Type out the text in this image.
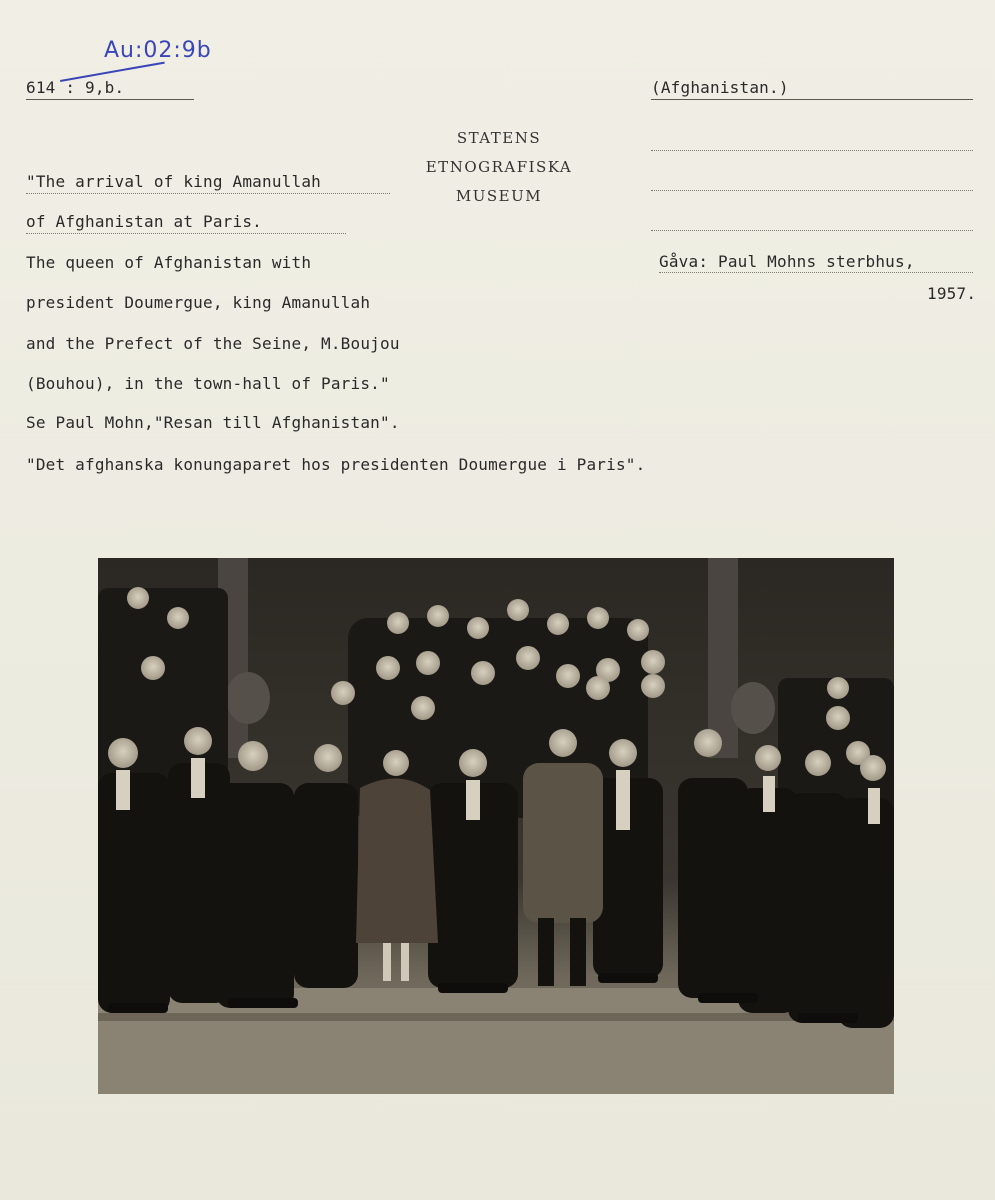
Au:02:9b
614 : 9,b.	(Afghanistan.)
STATENS
ETNOGRAFISKA
MUSEUM
"The arrival of king Amanullah
of Afghanistan at Paris.
The queen of Afghanistan with
president Doumergue, king Amanullah
and the Prefect of the Seine, M.Boujou
(Bouhou), in the town-hall of Paris."
Se Paul Mohn,"Resan till Afghanistan".
"Det afghanska konungaparet hos presidenten Doumergue i Paris".
Gåva: Paul Mohns sterbhus,
1957.
